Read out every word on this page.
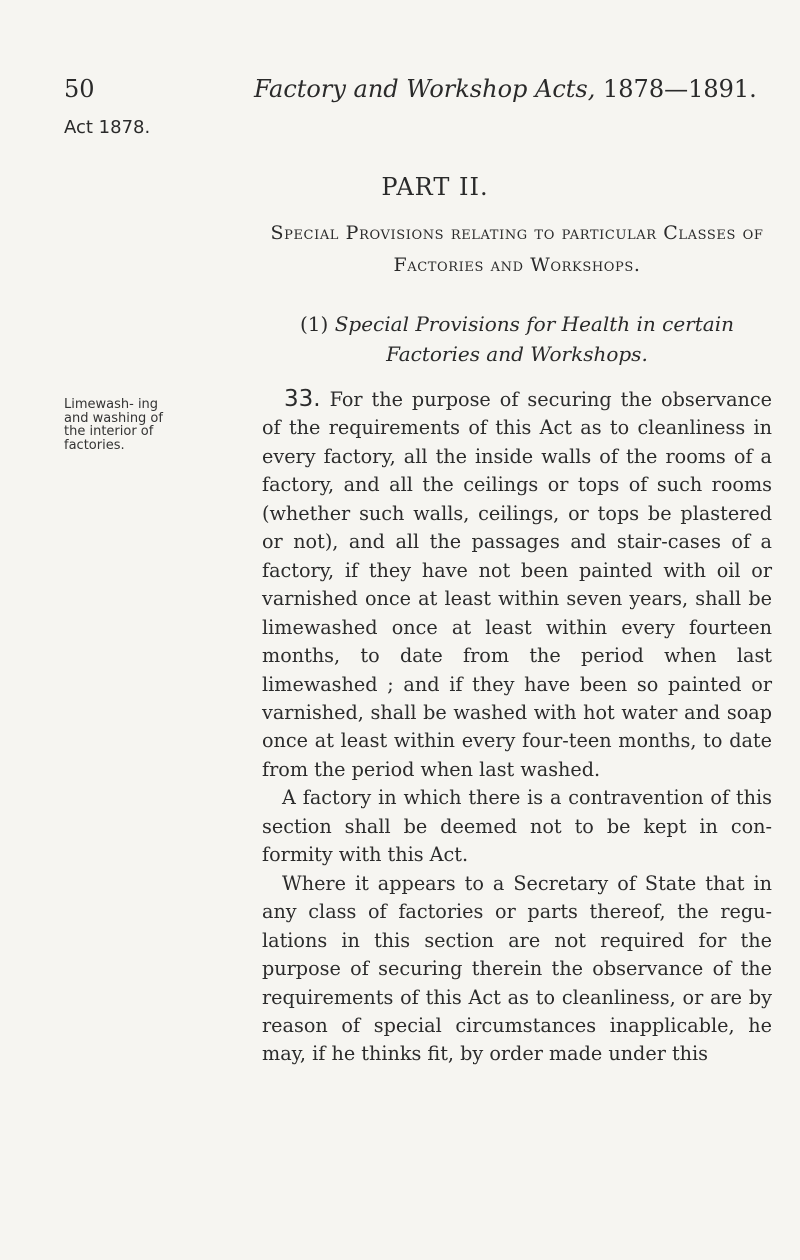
50	Factory and Workshop Acts, 1878—1891.
Act 1878.
PART II.
Special Provisions relating to particular Classes of Factories and Workshops.
(1) Special Provisions for Health in certain Factories and Workshops.
Limewash- ing and washing of the interior of factories.

33. For the purpose of securing the observance of the requirements of this Act as to cleanliness in every factory, all the inside walls of the rooms of a factory, and all the ceilings or tops of such rooms (whether such walls, ceilings, or tops be plastered or not), and all the passages and stair-cases of a factory, if they have not been painted with oil or varnished once at least within seven years, shall be limewashed once at least within every fourteen months, to date from the period when last limewashed ; and if they have been so painted or varnished, shall be washed with hot water and soap once at least within every four-teen months, to date from the period when last washed.

A factory in which there is a contravention of this section shall be deemed not to be kept in con-formity with this Act.

Where it appears to a Secretary of State that in any class of factories or parts thereof, the regu-lations in this section are not required for the purpose of securing therein the observance of the requirements of this Act as to cleanliness, or are by reason of special circumstances inapplicable, he may, if he thinks fit, by order made under this
